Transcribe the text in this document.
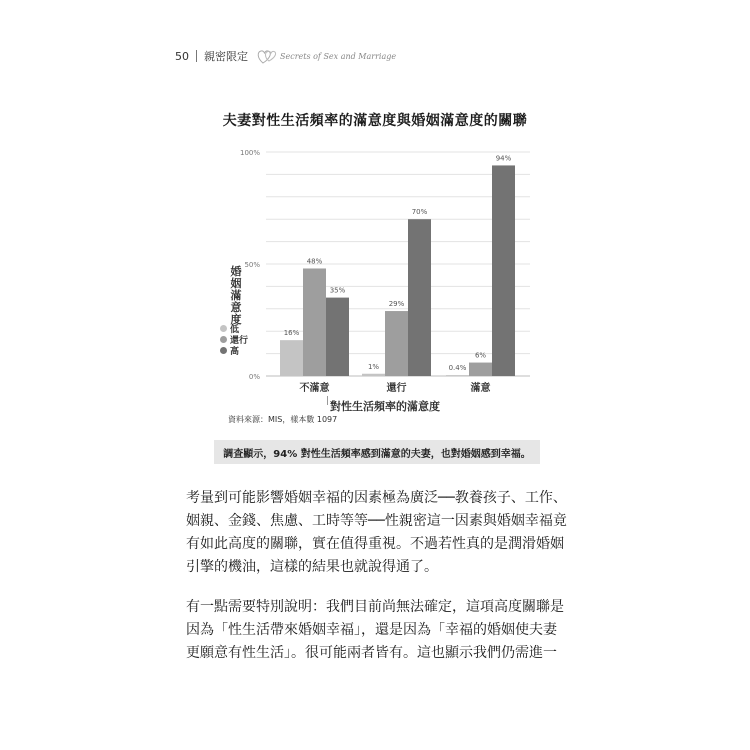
50 親密限定	Secrets of Sex and Marriage
夫妻對性生活頻率的滿意度與婚姻滿意度的關聯
0%
50%
100%
16%
48%
35%
不滿意
1%
29%
70%
還行
0.4%
6%
94%
滿意
婚姻滿意度
低
還行
高
對性生活頻率的滿意度
資料來源：MIS，樣本數 1097
調查顯示，94% 對性生活頻率感到滿意的夫妻，也對婚姻感到幸福。
考量到可能影響婚姻幸福的因素極為廣泛──教養孩子、工作、
姻親、金錢、焦慮、工時等等──性親密這一因素與婚姻幸福竟
有如此高度的關聯，實在值得重視。不過若性真的是潤滑婚姻
引擎的機油，這樣的結果也就說得通了。
有一點需要特別說明：我們目前尚無法確定，這項高度關聯是
因為「性生活帶來婚姻幸福」，還是因為「幸福的婚姻使夫妻
更願意有性生活」。很可能兩者皆有。這也顯示我們仍需進一
